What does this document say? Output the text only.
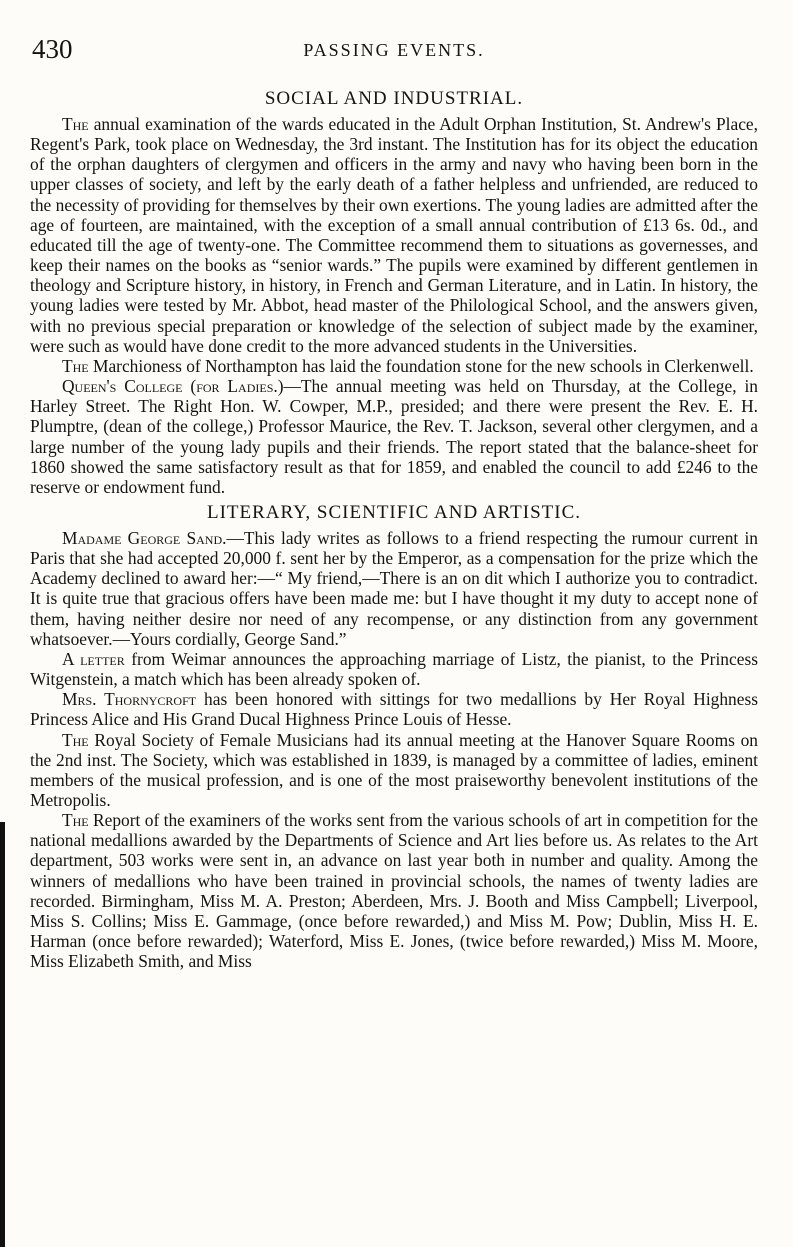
430	PASSING EVENTS.
SOCIAL AND INDUSTRIAL.

The annual examination of the wards educated in the Adult Orphan Institution, St. Andrew's Place, Regent's Park, took place on Wednesday, the 3rd instant. The Institution has for its object the education of the orphan daughters of clergymen and officers in the army and navy who having been born in the upper classes of society, and left by the early death of a father helpless and unfriended, are reduced to the necessity of providing for themselves by their own exertions. The young ladies are admitted after the age of fourteen, are maintained, with the exception of a small annual contribution of £13 6s. 0d., and educated till the age of twenty-one. The Committee recommend them to situations as governesses, and keep their names on the books as “senior wards.” The pupils were examined by different gentlemen in theology and Scripture history, in history, in French and German Literature, and in Latin. In history, the young ladies were tested by Mr. Abbot, head master of the Philological School, and the answers given, with no previous special preparation or knowledge of the selection of subject made by the examiner, were such as would have done credit to the more advanced students in the Universities.

The Marchioness of Northampton has laid the foundation stone for the new schools in Clerkenwell.

Queen's College (for Ladies.)—The annual meeting was held on Thursday, at the College, in Harley Street. The Right Hon. W. Cowper, M.P., presided; and there were present the Rev. E. H. Plumptre, (dean of the college,) Professor Maurice, the Rev. T. Jackson, several other clergymen, and a large number of the young lady pupils and their friends. The report stated that the balance-sheet for 1860 showed the same satisfactory result as that for 1859, and enabled the council to add £246 to the reserve or endowment fund.

LITERARY, SCIENTIFIC AND ARTISTIC.

Madame George Sand.—This lady writes as follows to a friend respecting the rumour current in Paris that she had accepted 20,000 f. sent her by the Emperor, as a compensation for the prize which the Academy declined to award her:—“ My friend,—There is an on dit which I authorize you to contradict. It is quite true that gracious offers have been made me: but I have thought it my duty to accept none of them, having neither desire nor need of any recompense, or any distinction from any government whatsoever.—Yours cordially, George Sand.”

A letter from Weimar announces the approaching marriage of Listz, the pianist, to the Princess Witgenstein, a match which has been already spoken of.

Mrs. Thornycroft has been honored with sittings for two medallions by Her Royal Highness Princess Alice and His Grand Ducal Highness Prince Louis of Hesse.

The Royal Society of Female Musicians had its annual meeting at the Hanover Square Rooms on the 2nd inst. The Society, which was established in 1839, is managed by a committee of ladies, eminent members of the musical profession, and is one of the most praiseworthy benevolent institutions of the Metropolis.

The Report of the examiners of the works sent from the various schools of art in competition for the national medallions awarded by the Departments of Science and Art lies before us. As relates to the Art department, 503 works were sent in, an advance on last year both in number and quality. Among the winners of medallions who have been trained in provincial schools, the names of twenty ladies are recorded. Birmingham, Miss M. A. Preston; Aberdeen, Mrs. J. Booth and Miss Campbell; Liverpool, Miss S. Collins; Miss E. Gammage, (once before rewarded,) and Miss M. Pow; Dublin, Miss H. E. Harman (once before rewarded); Waterford, Miss E. Jones, (twice before rewarded,) Miss M. Moore, Miss Elizabeth Smith, and Miss
